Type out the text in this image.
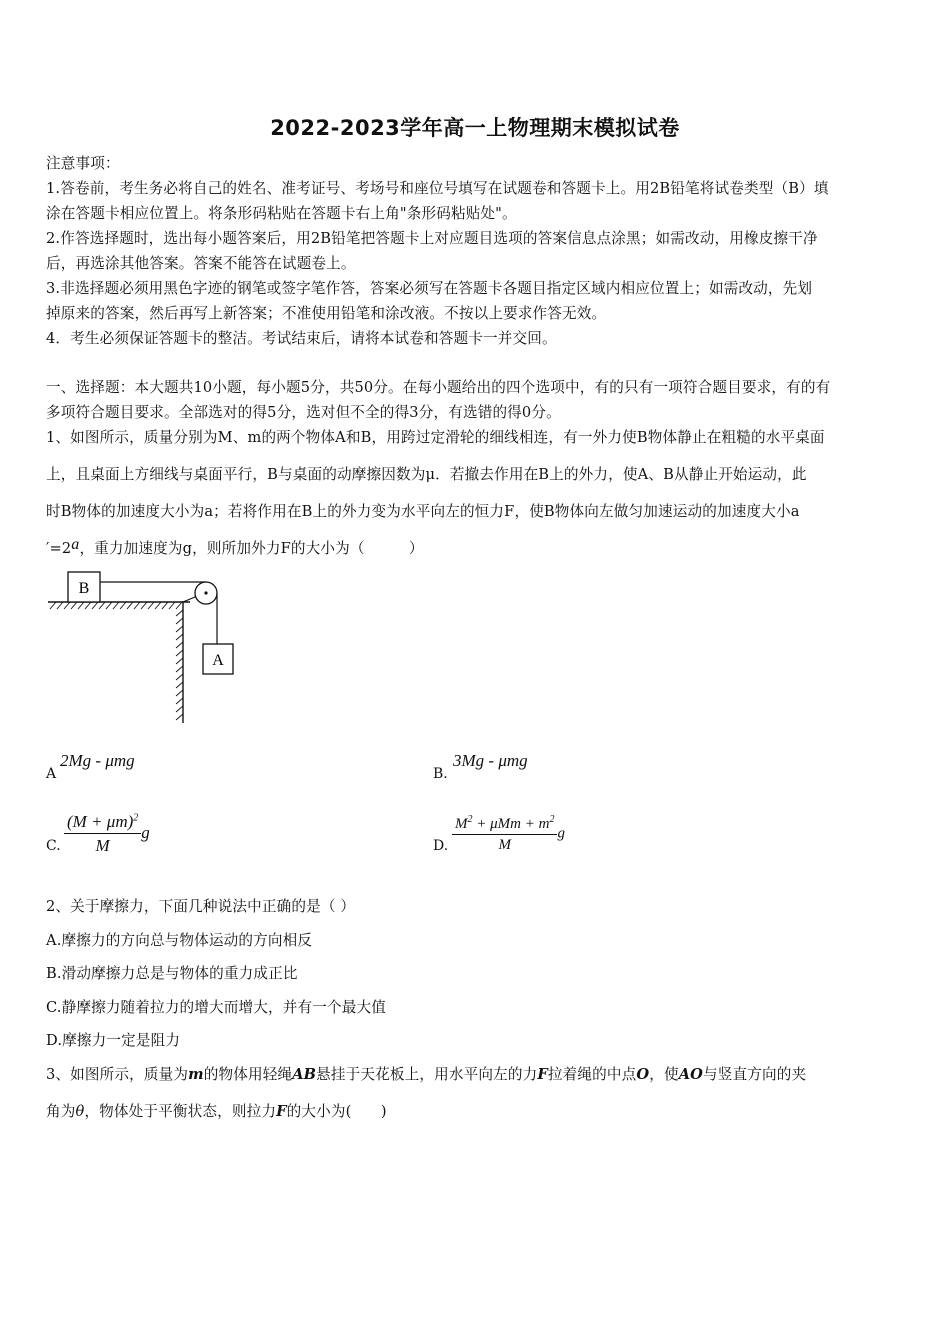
2022-2023学年高一上物理期末模拟试卷
注意事项：
1.答卷前，考生务必将自己的姓名、准考证号、考场号和座位号填写在试题卷和答题卡上。用2B铅笔将试卷类型（B）填
涂在答题卡相应位置上。将条形码粘贴在答题卡右上角"条形码粘贴处"。
2.作答选择题时，选出每小题答案后，用2B铅笔把答题卡上对应题目选项的答案信息点涂黑；如需改动，用橡皮擦干净
后，再选涂其他答案。答案不能答在试题卷上。
3.非选择题必须用黑色字迹的钢笔或签字笔作答，答案必须写在答题卡各题目指定区域内相应位置上；如需改动，先划
掉原来的答案，然后再写上新答案；不准使用铅笔和涂改液。不按以上要求作答无效。
4．考生必须保证答题卡的整洁。考试结束后，请将本试卷和答题卡一并交回。
一、选择题：本大题共10小题，每小题5分，共50分。在每小题给出的四个选项中，有的只有一项符合题目要求，有的有
多项符合题目要求。全部选对的得5分，选对但不全的得3分，有选错的得0分。
1、如图所示，质量分别为M、m的两个物体A和B，用跨过定滑轮的细线相连，有一外力使B物体静止在粗糙的水平桌面
上，且桌面上方细线与桌面平行，B与桌面的动摩擦因数为μ．若撤去作用在B上的外力，使A、B从静止开始运动，此
时B物体的加速度大小为a；若将作用在B上的外力变为水平向左的恒力F，使B物体向左做匀加速运动的加速度大小a
′=2a，重力加速度为g，则所加外力F的大小为（　　　）
B
A
A
2Mg - μmg
B.
3Mg - μmg
C. $\frac{(M + \mu m)^2}{M}$ g
D. $\frac{M^2 + \mu Mm + m^2}{M}$ g
2、关于摩擦力，下面几种说法中正确的是（ ）
A.摩擦力的方向总与物体运动的方向相反
B.滑动摩擦力总是与物体的重力成正比
C.静摩擦力随着拉力的增大而增大，并有一个最大值
D.摩擦力一定是阻力
3、如图所示，质量为m的物体用轻绳AB悬挂于天花板上，用水平向左的力F拉着绳的中点O，使AO与竖直方向的夹
角为θ，物体处于平衡状态，则拉力F的大小为(　　)
